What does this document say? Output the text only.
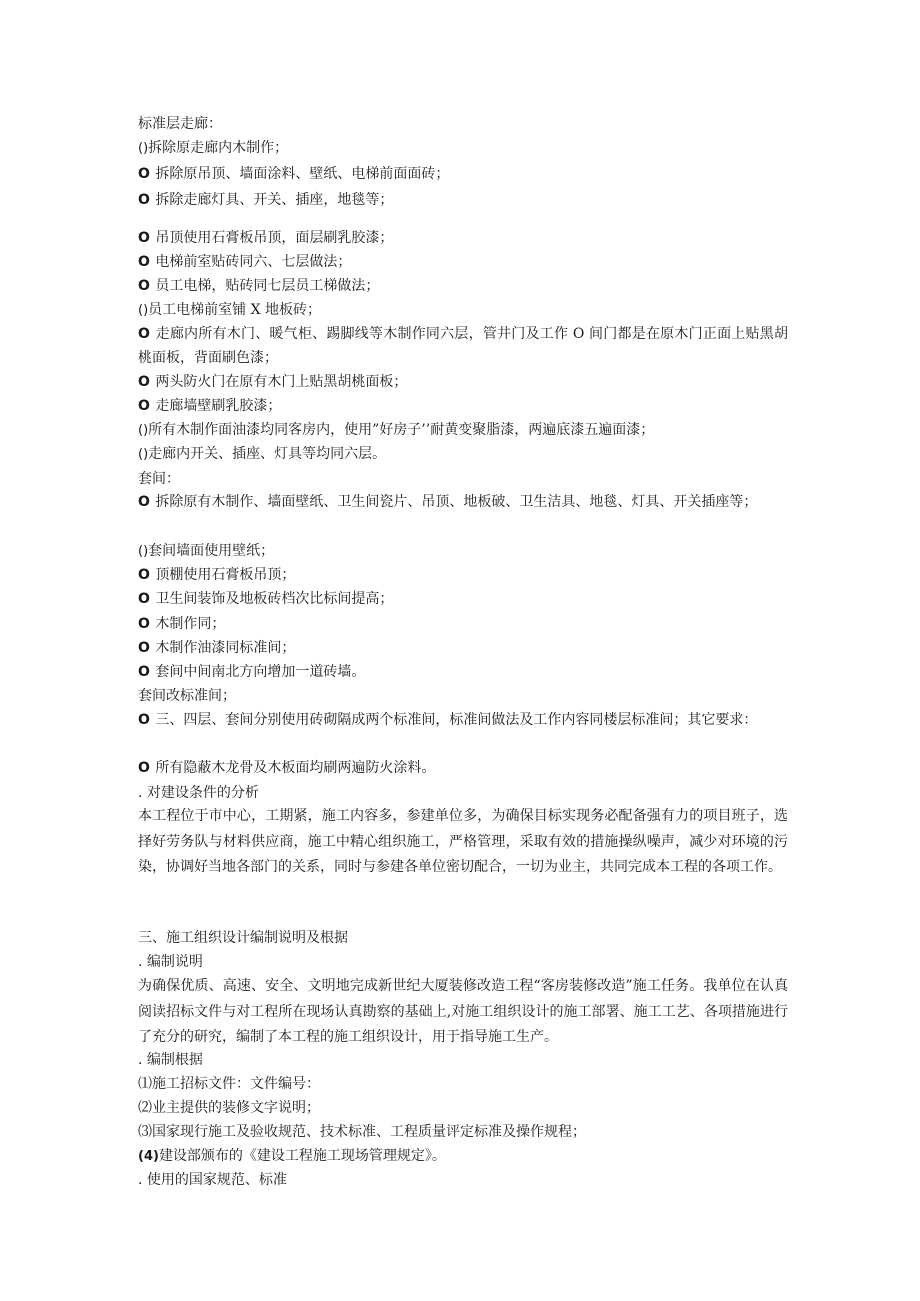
标准层走廊：
()拆除原走廊内木制作；
O 拆除原吊顶、墙面涂料、壁纸、电梯前面面砖；
O 拆除走廊灯具、开关、插座，地毯等；
O 吊顶使用石膏板吊顶，面层刷乳胶漆；
O 电梯前室贴砖同六、七层做法；
O 员工电梯，贴砖同七层员工梯做法；
()员工电梯前室铺 X 地板砖；
O 走廊内所有木门、暖气柜、踢脚线等木制作同六层，管井门及工作 O 间门都是在原木门正面上贴黑胡桃面板，背面刷色漆；
O 两头防火门在原有木门上贴黑胡桃面板；
O 走廊墙壁刷乳胶漆；
()所有木制作面油漆均同客房内，使用”好房子’’耐黄变聚脂漆，两遍底漆五遍面漆；
()走廊内开关、插座、灯具等均同六层。
套间：
O 拆除原有木制作、墙面壁纸、卫生间瓷片、吊顶、地板破、卫生洁具、地毯、灯具、开关插座等；
()套间墙面使用壁纸；
O 顶棚使用石膏板吊顶；
O 卫生间装饰及地板砖档次比标间提高；
O 木制作同；
O 木制作油漆同标准间；
O 套间中间南北方向增加一道砖墙。
套间改标准间；
O 三、四层、套间分别使用砖砌隔成两个标准间，标准间做法及工作内容同楼层标准间；其它要求：
O 所有隐蔽木龙骨及木板面均刷两遍防火涂料。
. 对建设条件的分析
本工程位于市中心，工期紧，施工内容多，参建单位多，为确保目标实现务必配备强有力的项目班子，选择好劳务队与材料供应商，施工中精心组织施工，严格管理，采取有效的措施操纵噪声，减少对环境的污染，协调好当地各部门的关系，同时与参建各单位密切配合，一切为业主，共同完成本工程的各项工作。
三、施工组织设计编制说明及根据
. 编制说明
为确保优质、高速、安全、文明地完成新世纪大厦装修改造工程“客房装修改造”施工任务。我单位在认真阅读招标文件与对工程所在现场认真勘察的基础上,对施工组织设计的施工部署、施工工艺、各项措施进行了充分的研究，编制了本工程的施工组织设计，用于指导施工生产。
. 编制根据
⑴施工招标文件：文件编号：
⑵业主提供的装修文字说明；
⑶国家现行施工及验收规范、技术标准、工程质量评定标准及操作规程；
(4)建设部颁布的《建设工程施工现场管理规定》。
. 使用的国家规范、标准
